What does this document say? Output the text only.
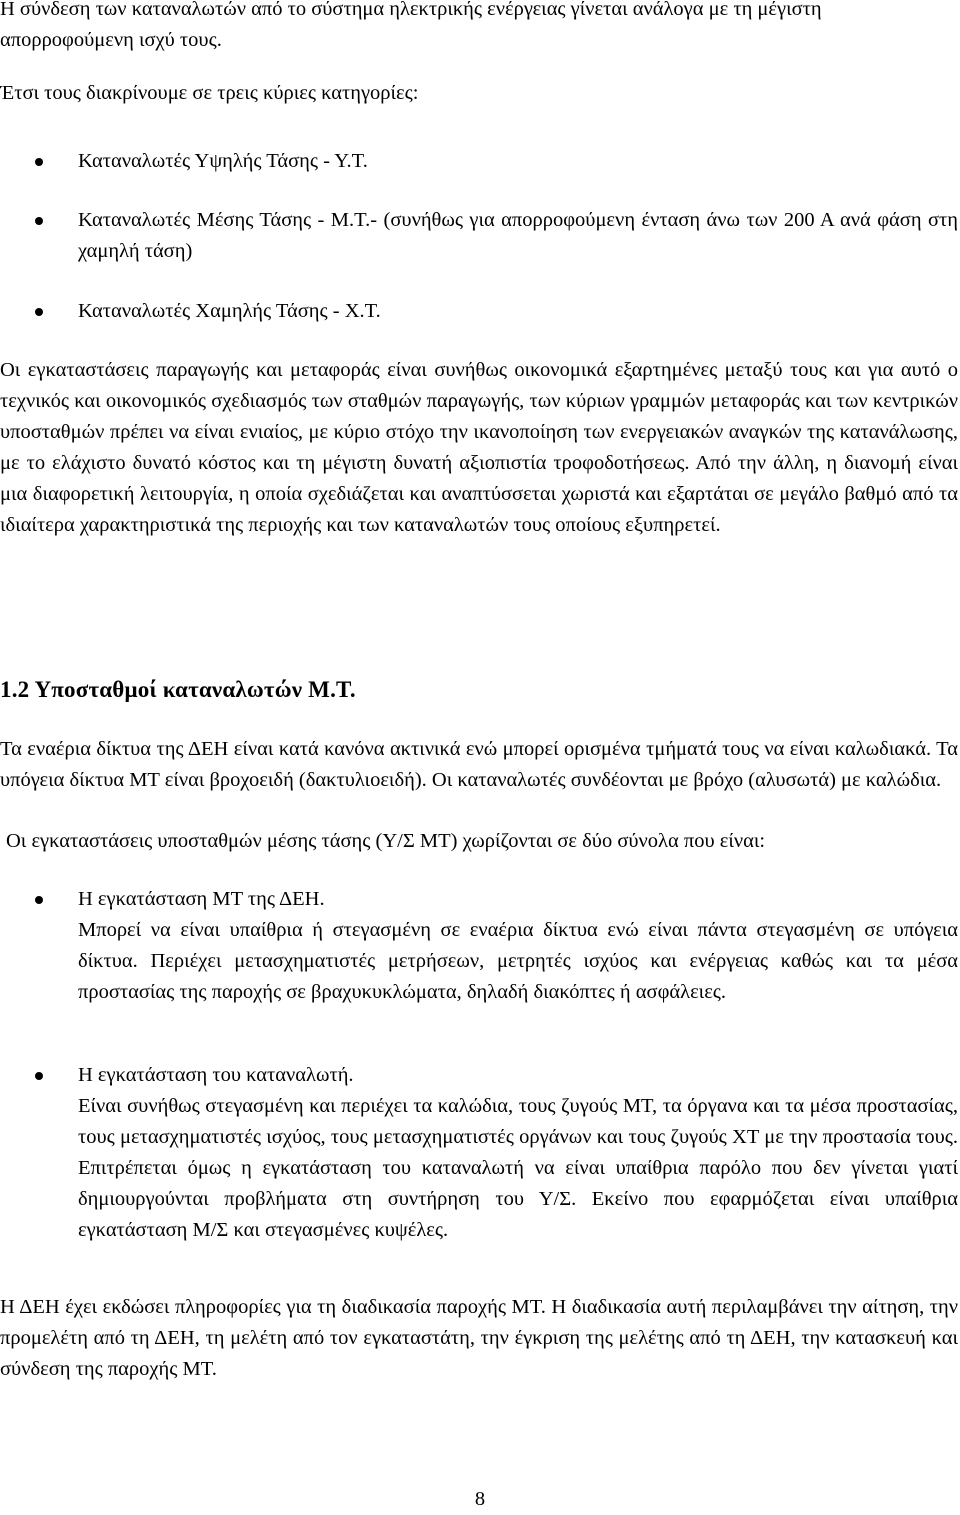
Η σύνδεση των καταναλωτών από το σύστημα ηλεκτρικής ενέργειας γίνεται ανάλογα με τη μέγιστη απορροφούμενη ισχύ τους.

Έτσι τους διακρίνουμε σε τρεις κύριες κατηγορίες:

Καταναλωτές Υψηλής Τάσης - Υ.Τ.
Καταναλωτές Μέσης Τάσης - Μ.Τ.- (συνήθως για απορροφούμενη ένταση άνω των 200 Α ανά φάση στη χαμηλή τάση)
Καταναλωτές Χαμηλής Τάσης - Χ.Τ.

Οι εγκαταστάσεις παραγωγής και μεταφοράς είναι συνήθως οικονομικά εξαρτημένες μεταξύ τους και για αυτό ο τεχνικός και οικονομικός σχεδιασμός των σταθμών παραγωγής, των κύριων γραμμών μεταφοράς και των κεντρικών υποσταθμών πρέπει να είναι ενιαίος, με κύριο στόχο την ικανοποίηση των ενεργειακών αναγκών της κατανάλωσης, με το ελάχιστο δυνατό κόστος και τη μέγιστη δυνατή αξιοπιστία τροφοδοτήσεως. Από την άλλη, η διανομή είναι μια διαφορετική λειτουργία, η οποία σχεδιάζεται και αναπτύσσεται χωριστά και εξαρτάται σε μεγάλο βαθμό από τα ιδιαίτερα χαρακτηριστικά της περιοχής και των καταναλωτών τους οποίους εξυπηρετεί.

1.2 Υποσταθμοί καταναλωτών Μ.Τ.

Τα εναέρια δίκτυα της ΔΕΗ είναι κατά κανόνα ακτινικά ενώ μπορεί ορισμένα τμήματά τους να είναι καλωδιακά. Τα υπόγεια δίκτυα ΜΤ είναι βροχοειδή (δακτυλιοειδή). Οι καταναλωτές συνδέονται με βρόχο (αλυσωτά) με καλώδια.

Οι εγκαταστάσεις υποσταθμών μέσης τάσης (Υ/Σ ΜΤ) χωρίζονται σε δύο σύνολα που είναι:

Η εγκατάσταση ΜΤ της ΔΕΗ.

Μπορεί να είναι υπαίθρια ή στεγασμένη σε εναέρια δίκτυα ενώ είναι πάντα στεγασμένη σε υπόγεια δίκτυα. Περιέχει μετασχηματιστές μετρήσεων, μετρητές ισχύος και ενέργειας καθώς και τα μέσα προστασίας της παροχής σε βραχυκυκλώματα, δηλαδή διακόπτες ή ασφάλειες.

Η εγκατάσταση του καταναλωτή.

Είναι συνήθως στεγασμένη και περιέχει τα καλώδια, τους ζυγούς ΜΤ, τα όργανα και τα μέσα προστασίας, τους μετασχηματιστές ισχύος, τους μετασχηματιστές οργάνων και τους ζυγούς ΧΤ με την προστασία τους. Επιτρέπεται όμως η εγκατάσταση του καταναλωτή να είναι υπαίθρια παρόλο που δεν γίνεται γιατί δημιουργούνται προβλήματα στη συντήρηση του Υ/Σ. Εκείνο που εφαρμόζεται είναι υπαίθρια εγκατάσταση Μ/Σ και στεγασμένες κυψέλες.

Η ΔΕΗ έχει εκδώσει πληροφορίες για τη διαδικασία παροχής ΜΤ. Η διαδικασία αυτή περιλαμβάνει την αίτηση, την προμελέτη από τη ΔΕΗ, τη μελέτη από τον εγκαταστάτη, την έγκριση της μελέτης από τη ΔΕΗ, την κατασκευή και σύνδεση της παροχής ΜΤ.

8
